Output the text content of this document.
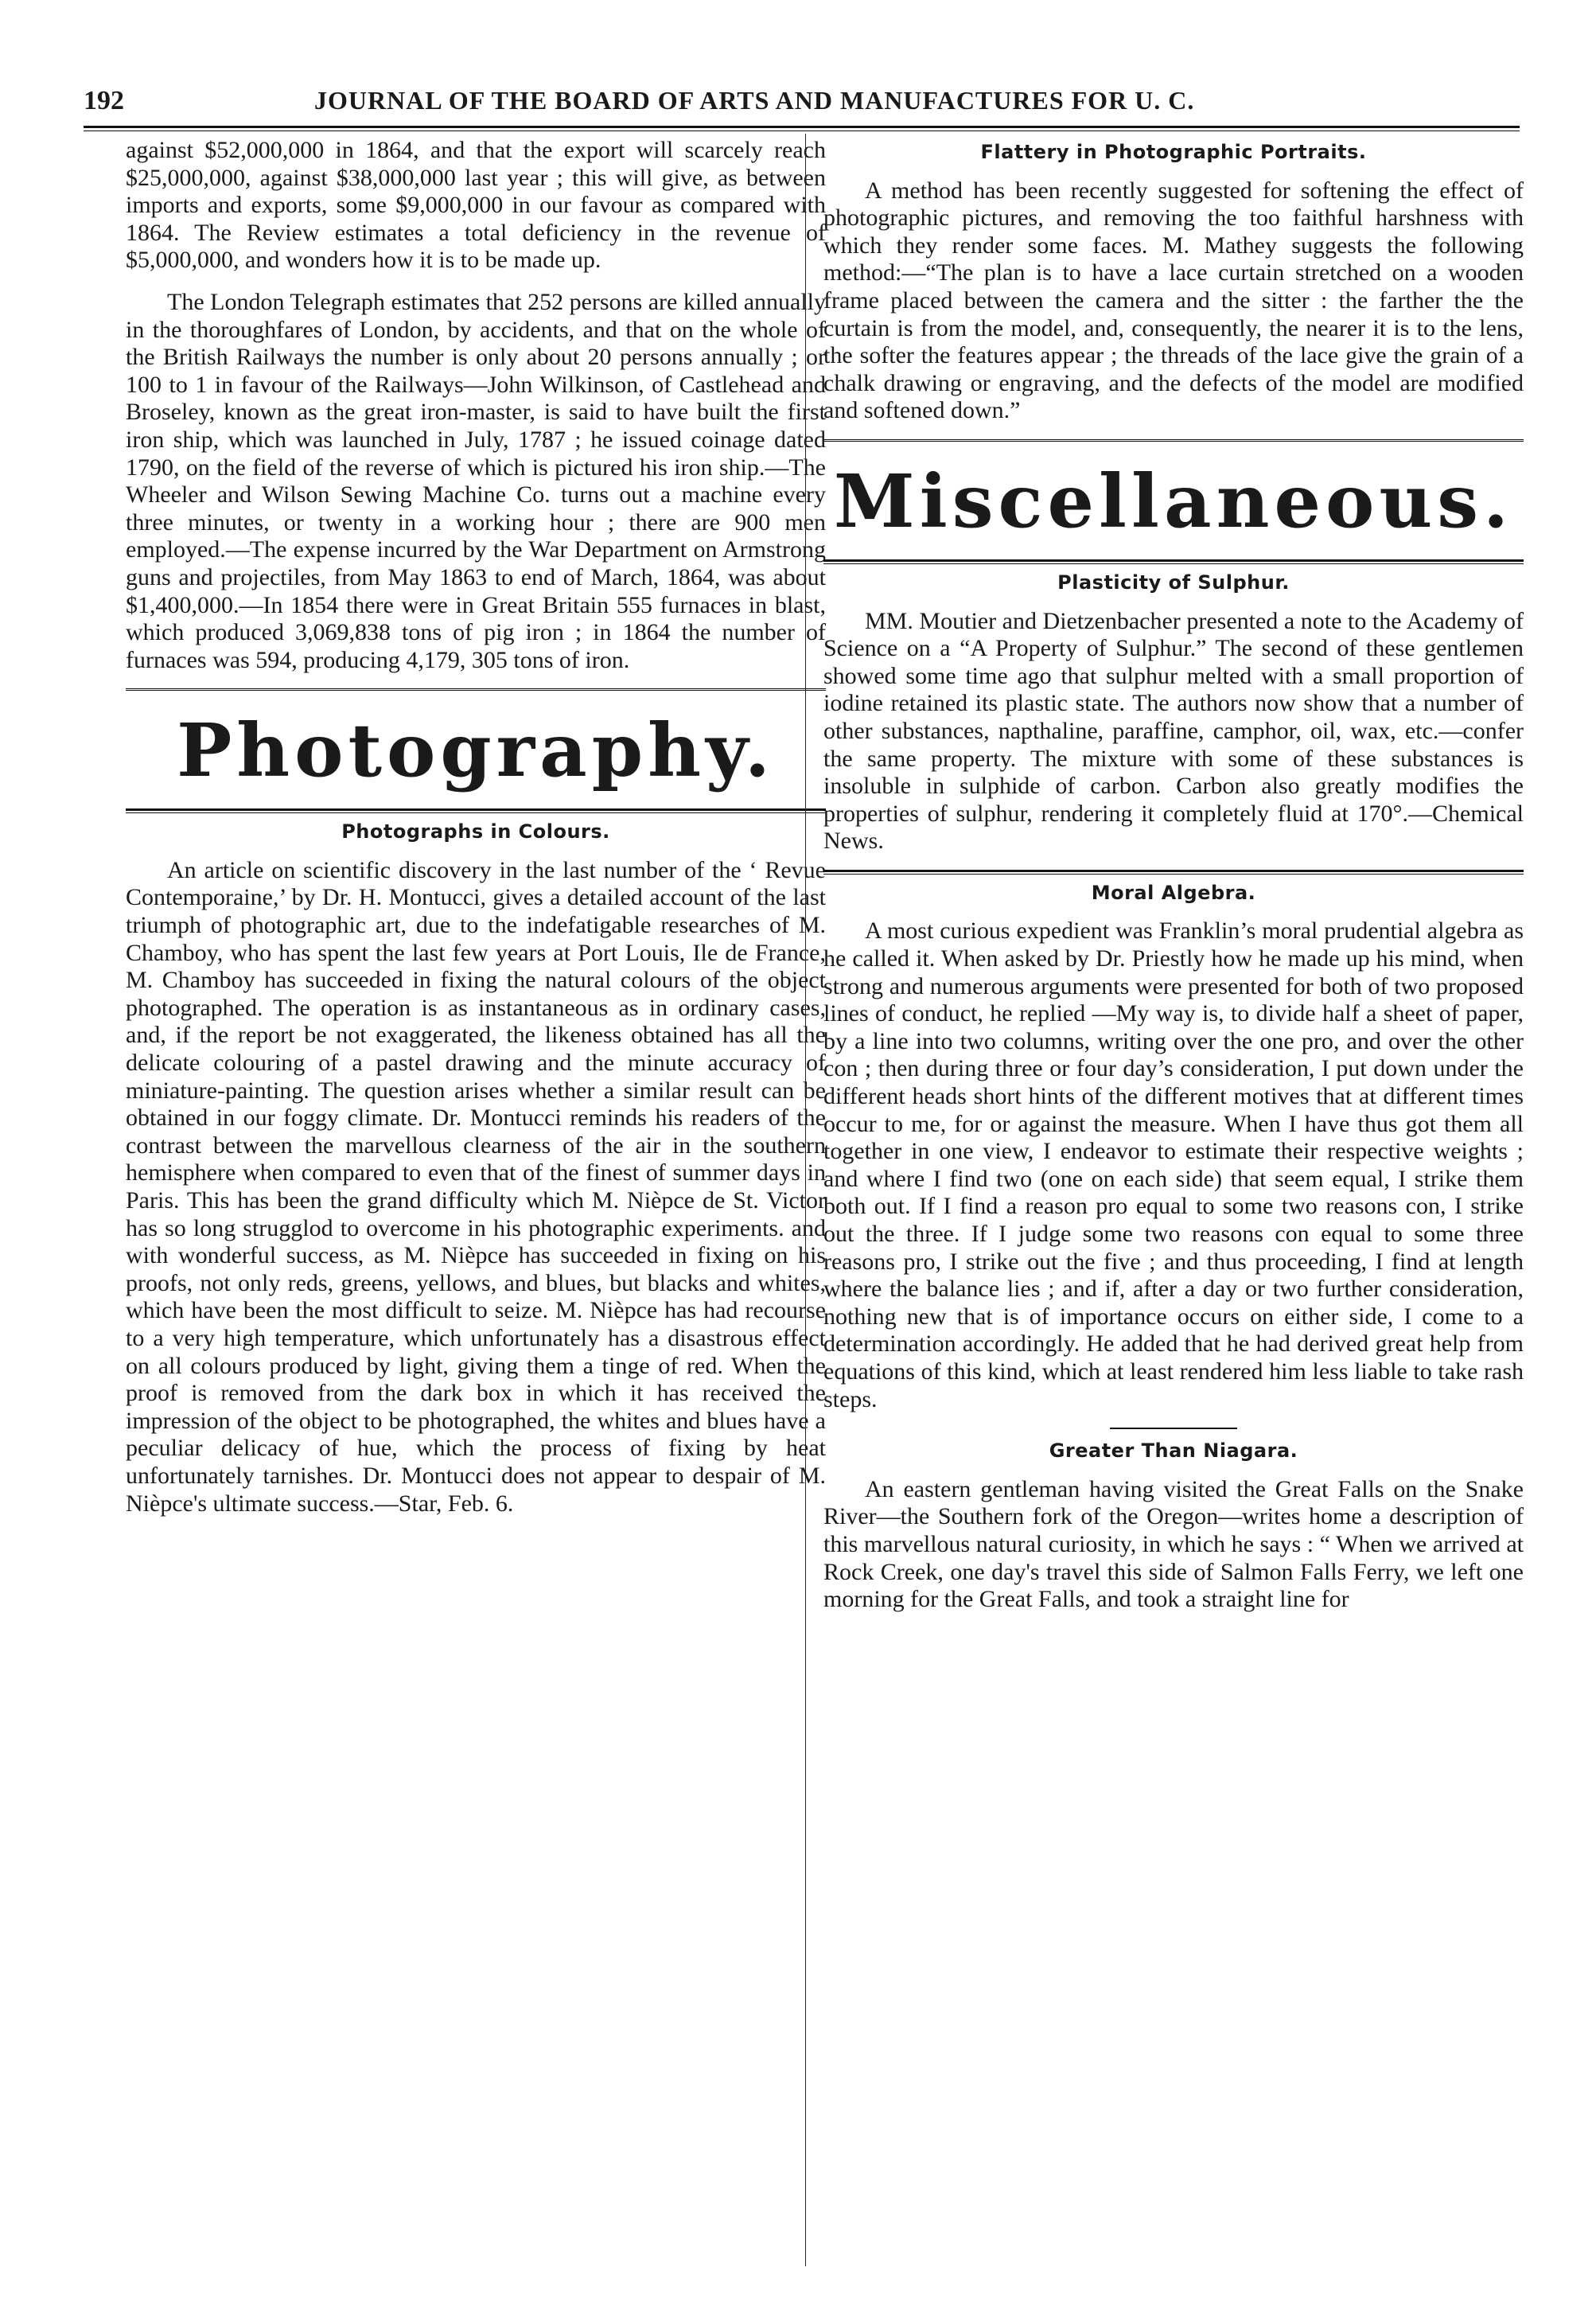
192	JOURNAL OF THE BOARD OF ARTS AND MANUFACTURES FOR U. C.

against $52,000,000 in 1864, and that the export will scarcely reach $25,000,000, against $38,000,000 last year ; this will give, as between imports and exports, some $9,000,000 in our favour as compared with 1864. The Review estimates a total deficiency in the revenue of $5,000,000, and wonders how it is to be made up.

The London Telegraph estimates that 252 persons are killed annually in the thoroughfares of London, by accidents, and that on the whole of the British Railways the number is only about 20 persons annually ; or 100 to 1 in favour of the Railways—John Wilkinson, of Castlehead and Broseley, known as the great iron-master, is said to have built the first iron ship, which was launched in July, 1787 ; he issued coinage dated 1790, on the field of the reverse of which is pictured his iron ship.—The Wheeler and Wilson Sewing Machine Co. turns out a machine every three minutes, or twenty in a working hour ; there are 900 men employed.—The expense incurred by the War Department on Armstrong guns and projectiles, from May 1863 to end of March, 1864, was about $1,400,000.—In 1854 there were in Great Britain 555 furnaces in blast, which produced 3,069,838 tons of pig iron ; in 1864 the number of furnaces was 594, producing 4,179, 305 tons of iron.

Photography.
Photographs in Colours.

An article on scientific discovery in the last number of the ‘ Revue Contemporaine,’ by Dr. H. Montucci, gives a detailed account of the last triumph of photographic art, due to the indefatigable researches of M. Chamboy, who has spent the last few years at Port Louis, Ile de France, M. Chamboy has succeeded in fixing the natural colours of the object photographed. The operation is as instantaneous as in ordinary cases, and, if the report be not exaggerated, the likeness obtained has all the delicate colouring of a pastel drawing and the minute accuracy of miniature-painting. The question arises whether a similar result can be obtained in our foggy climate. Dr. Montucci reminds his readers of the contrast between the marvellous clearness of the air in the southern hemisphere when compared to even that of the finest of summer days in Paris. This has been the grand difficulty which M. Nièpce de St. Victor has so long strugglod to overcome in his photographic experiments. and with wonderful success, as M. Nièpce has succeeded in fixing on his proofs, not only reds, greens, yellows, and blues, but blacks and whites, which have been the most difficult to seize. M. Nièpce has had recourse to a very high temperature, which unfortunately has a disastrous effect on all colours produced by light, giving them a tinge of red. When the proof is removed from the dark box in which it has received the impression of the object to be photographed, the whites and blues have a peculiar delicacy of hue, which the process of fixing by heat unfortunately tarnishes. Dr. Montucci does not appear to despair of M. Nièpce's ultimate success.—Star, Feb. 6.

Flattery in Photographic Portraits.

A method has been recently suggested for softening the effect of photographic pictures, and removing the too faithful harshness with which they render some faces. M. Mathey suggests the following method:—“The plan is to have a lace curtain stretched on a wooden frame placed between the camera and the sitter : the farther the the curtain is from the model, and, consequently, the nearer it is to the lens, the softer the features appear ; the threads of the lace give the grain of a chalk drawing or engraving, and the defects of the model are modified and softened down.”

Miscellaneous.
Plasticity of Sulphur.

MM. Moutier and Dietzenbacher presented a note to the Academy of Science on a “A Property of Sulphur.” The second of these gentlemen showed some time ago that sulphur melted with a small proportion of iodine retained its plastic state. The authors now show that a number of other substances, napthaline, paraffine, camphor, oil, wax, etc.—confer the same property. The mixture with some of these substances is insoluble in sulphide of carbon. Carbon also greatly modifies the properties of sulphur, rendering it completely fluid at 170°.—Chemical News.

Moral Algebra.

A most curious expedient was Franklin’s moral prudential algebra as he called it. When asked by Dr. Priestly how he made up his mind, when strong and numerous arguments were presented for both of two proposed lines of conduct, he replied —My way is, to divide half a sheet of paper, by a line into two columns, writing over the one pro, and over the other con ; then during three or four day’s consideration, I put down under the different heads short hints of the different motives that at different times occur to me, for or against the measure. When I have thus got them all together in one view, I endeavor to estimate their respective weights ; and where I find two (one on each side) that seem equal, I strike them both out. If I find a reason pro equal to some two reasons con, I strike out the three. If I judge some two reasons con equal to some three reasons pro, I strike out the five ; and thus proceeding, I find at length where the balance lies ; and if, after a day or two further consideration, nothing new that is of importance occurs on either side, I come to a determination accordingly. He added that he had derived great help from equations of this kind, which at least rendered him less liable to take rash steps.

Greater Than Niagara.

An eastern gentleman having visited the Great Falls on the Snake River—the Southern fork of the Oregon—writes home a description of this marvellous natural curiosity, in which he says : “ When we arrived at Rock Creek, one day's travel this side of Salmon Falls Ferry, we left one morning for the Great Falls, and took a straight line for
